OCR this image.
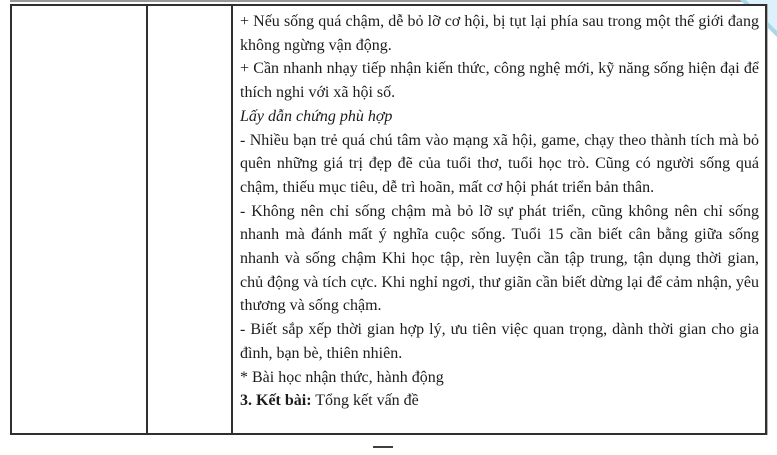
+ Nếu sống quá chậm, dễ bỏ lỡ cơ hội, bị tụt lại phía sau trong một thế giới đang không ngừng vận động.

+ Cần nhanh nhạy tiếp nhận kiến thức, công nghệ mới, kỹ năng sống hiện đại để thích nghi với xã hội số.

Lấy dẫn chứng phù hợp

- Nhiều bạn trẻ quá chú tâm vào mạng xã hội, game, chạy theo thành tích mà bỏ quên những giá trị đẹp đẽ của tuổi thơ, tuổi học trò. Cũng có người sống quá chậm, thiếu mục tiêu, dễ trì hoãn, mất cơ hội phát triển bản thân.

- Không nên chỉ sống chậm mà bỏ lỡ sự phát triển, cũng không nên chỉ sống nhanh mà đánh mất ý nghĩa cuộc sống. Tuổi 15 cần biết cân bằng giữa sống nhanh và sống chậm Khi học tập, rèn luyện cần tập trung, tận dụng thời gian, chủ động và tích cực. Khi nghỉ ngơi, thư giãn cần biết dừng lại để cảm nhận, yêu thương và sống chậm.

- Biết sắp xếp thời gian hợp lý, ưu tiên việc quan trọng, dành thời gian cho gia đình, bạn bè, thiên nhiên.

* Bài học nhận thức, hành động

3. Kết bài: Tổng kết vấn đề
